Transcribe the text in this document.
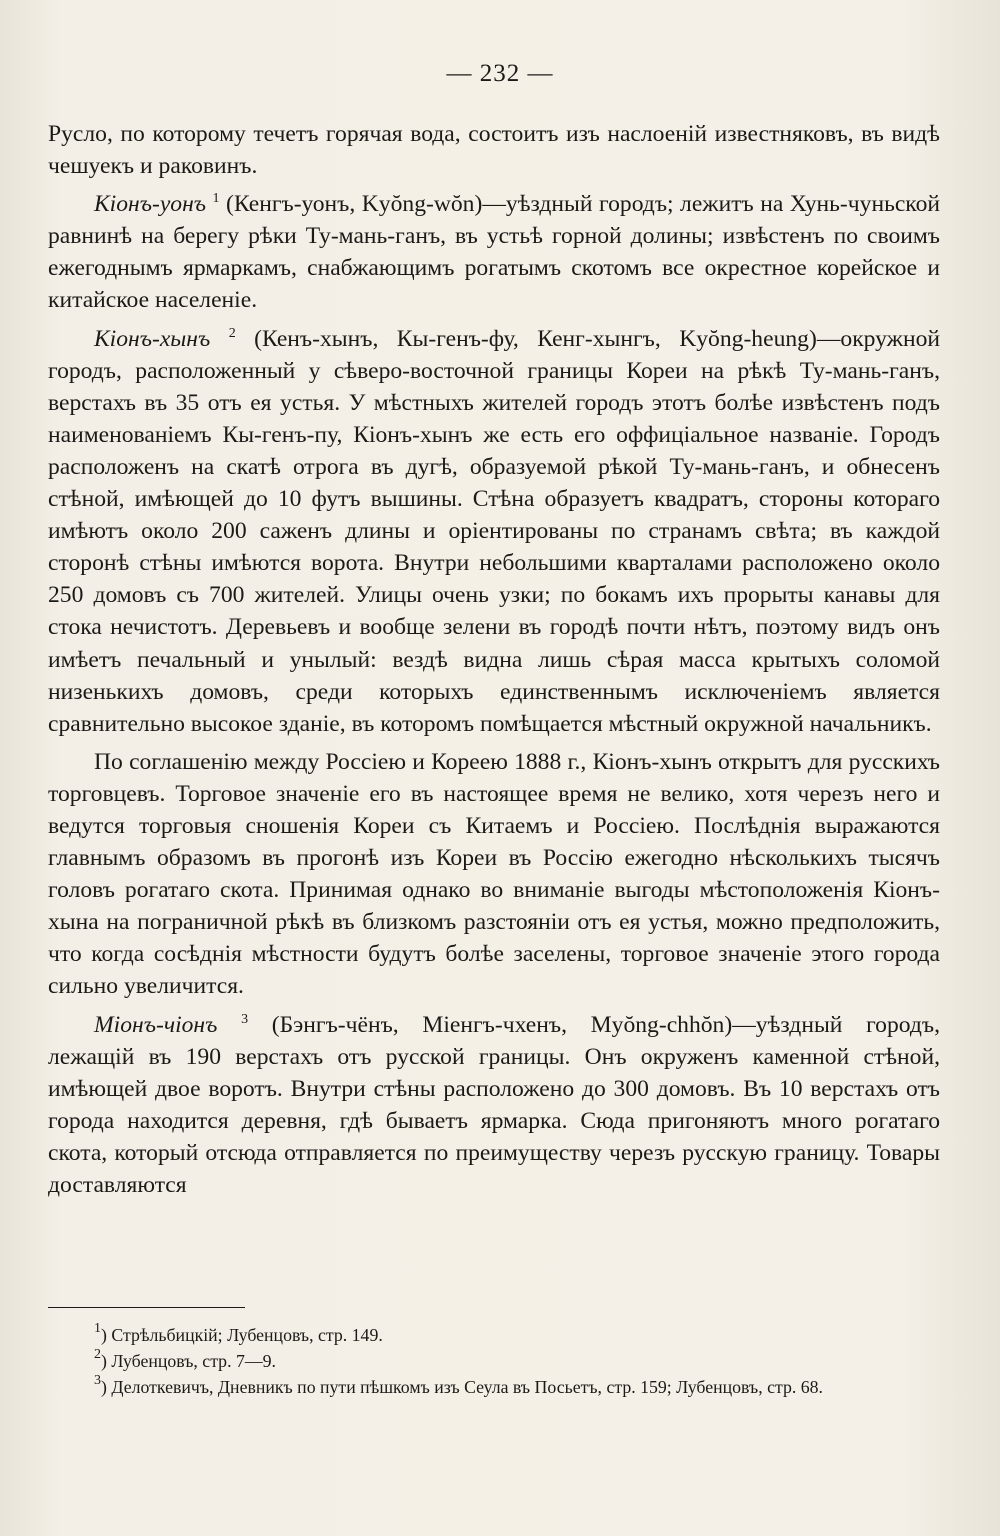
— 232 —

Русло, по которому течетъ горячая вода, состоитъ изъ наслоеній известняковъ, въ видѣ чешуекъ и раковинъ.

Кіонъ-уонъ $^1$ (Кенгъ-уонъ, Kyŏng-wŏn)—уѣздный городъ; лежитъ на Хунь-чуньской равнинѣ на берегу рѣки Ту-мань-ганъ, въ устьѣ горной долины; извѣстенъ по своимъ ежегоднымъ ярмаркамъ, снабжающимъ рогатымъ скотомъ все окрестное корейское и китайское населеніе.

Кіонъ-хынъ $^2$ (Кенъ-хынъ, Кы-генъ-фу, Кенг-хынгъ, Kyŏng-heung)—окружной городъ, расположенный у сѣверо-восточной границы Кореи на рѣкѣ Ту-мань-ганъ, верстахъ въ 35 отъ ея устья. У мѣстныхъ жителей городъ этотъ болѣе извѣстенъ подъ наименованіемъ Кы-генъ-пу, Кіонъ-хынъ же есть его оффиціальное названіе. Городъ расположенъ на скатѣ отрога въ дугѣ, образуемой рѣкой Ту-мань-ганъ, и обнесенъ стѣной, имѣющей до 10 футъ вышины. Стѣна образуетъ квадратъ, стороны котораго имѣютъ около 200 саженъ длины и оріентированы по странамъ свѣта; въ каждой сторонѣ стѣны имѣются ворота. Внутри небольшими кварталами расположено около 250 домовъ съ 700 жителей. Улицы очень узки; по бокамъ ихъ прорыты канавы для стока нечистотъ. Деревьевъ и вообще зелени въ городѣ почти нѣтъ, поэтому видъ онъ имѣетъ печальный и унылый: вездѣ видна лишь сѣрая масса крытыхъ соломой низенькихъ домовъ, среди которыхъ единственнымъ исключеніемъ является сравнительно высокое зданіе, въ которомъ помѣщается мѣстный окружной начальникъ.

По соглашенію между Россіею и Кореею 1888 г., Кіонъ-хынъ открытъ для русскихъ торговцевъ. Торговое значеніе его въ настоящее время не велико, хотя черезъ него и ведутся торговыя сношенія Кореи съ Китаемъ и Россіею. Послѣднія выражаются главнымъ образомъ въ прогонѣ изъ Кореи въ Россію ежегодно нѣсколькихъ тысячъ головъ рогатаго скота. Принимая однако во вниманіе выгоды мѣстоположенія Кіонъ-хына на пограничной рѣкѣ въ близкомъ разстояніи отъ ея устья, можно предположить, что когда сосѣднія мѣстности будутъ болѣе заселены, торговое значеніе этого города сильно увеличится.

Міонъ-чіонъ $^3$ (Бэнгъ-чёнъ, Міенгъ-чхенъ, Myŏng-chhŏn)—уѣздный городъ, лежащій въ 190 верстахъ отъ русской границы. Онъ окруженъ каменной стѣной, имѣющей двое воротъ. Внутри стѣны расположено до 300 домовъ. Въ 10 верстахъ отъ города находится деревня, гдѣ бываетъ ярмарка. Сюда пригоняютъ много рогатаго скота, который отсюда отправляется по преимуществу черезъ русскую границу. Товары доставляются

$^1$) Стрѣльбицкій; Лубенцовъ, стр. 149.

$^2$) Лубенцовъ, стр. 7—9.

$^3$) Делоткевичъ, Дневникъ по пути пѣшкомъ изъ Сеула въ Посьетъ, стр. 159; Лубенцовъ, стр. 68.
